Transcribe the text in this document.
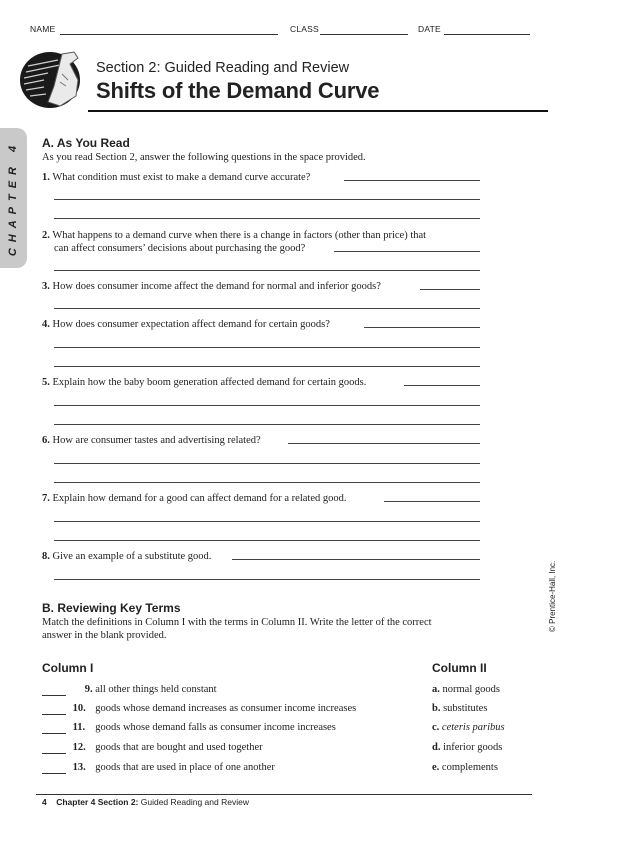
NAME	CLASS	DATE
Section 2: Guided Reading and Review
Shifts of the Demand Curve
CHAPTER 4 A. As You Read
As you read Section 2, answer the following questions in the space provided.
1. What condition must exist to make a demand curve accurate?
2. What happens to a demand curve when there is a change in factors (other than price) that
can affect consumers’ decisions about purchasing the good?
3. How does consumer income affect the demand for normal and inferior goods?
4. How does consumer expectation affect demand for certain goods?
5. Explain how the baby boom generation affected demand for certain goods.
6. How are consumer tastes and advertising related?
7. Explain how demand for a good can affect demand for a related good.
8. Give an example of a substitute good.
B. Reviewing Key Terms
Match the definitions in Column I with the terms in Column II. Write the letter of the correct
answer in the blank provided.
Column I	Column II
9. all other things held constant
10. goods whose demand increases as consumer income increases
11. goods whose demand falls as consumer income increases
12. goods that are bought and used together
13. goods that are used in place of one another
a. normal goods
b. substitutes
c. ceteris paribus
d. inferior goods
e. complements
© Prentice-Hall, Inc.
4 Chapter 4 Section 2: Guided Reading and Review
